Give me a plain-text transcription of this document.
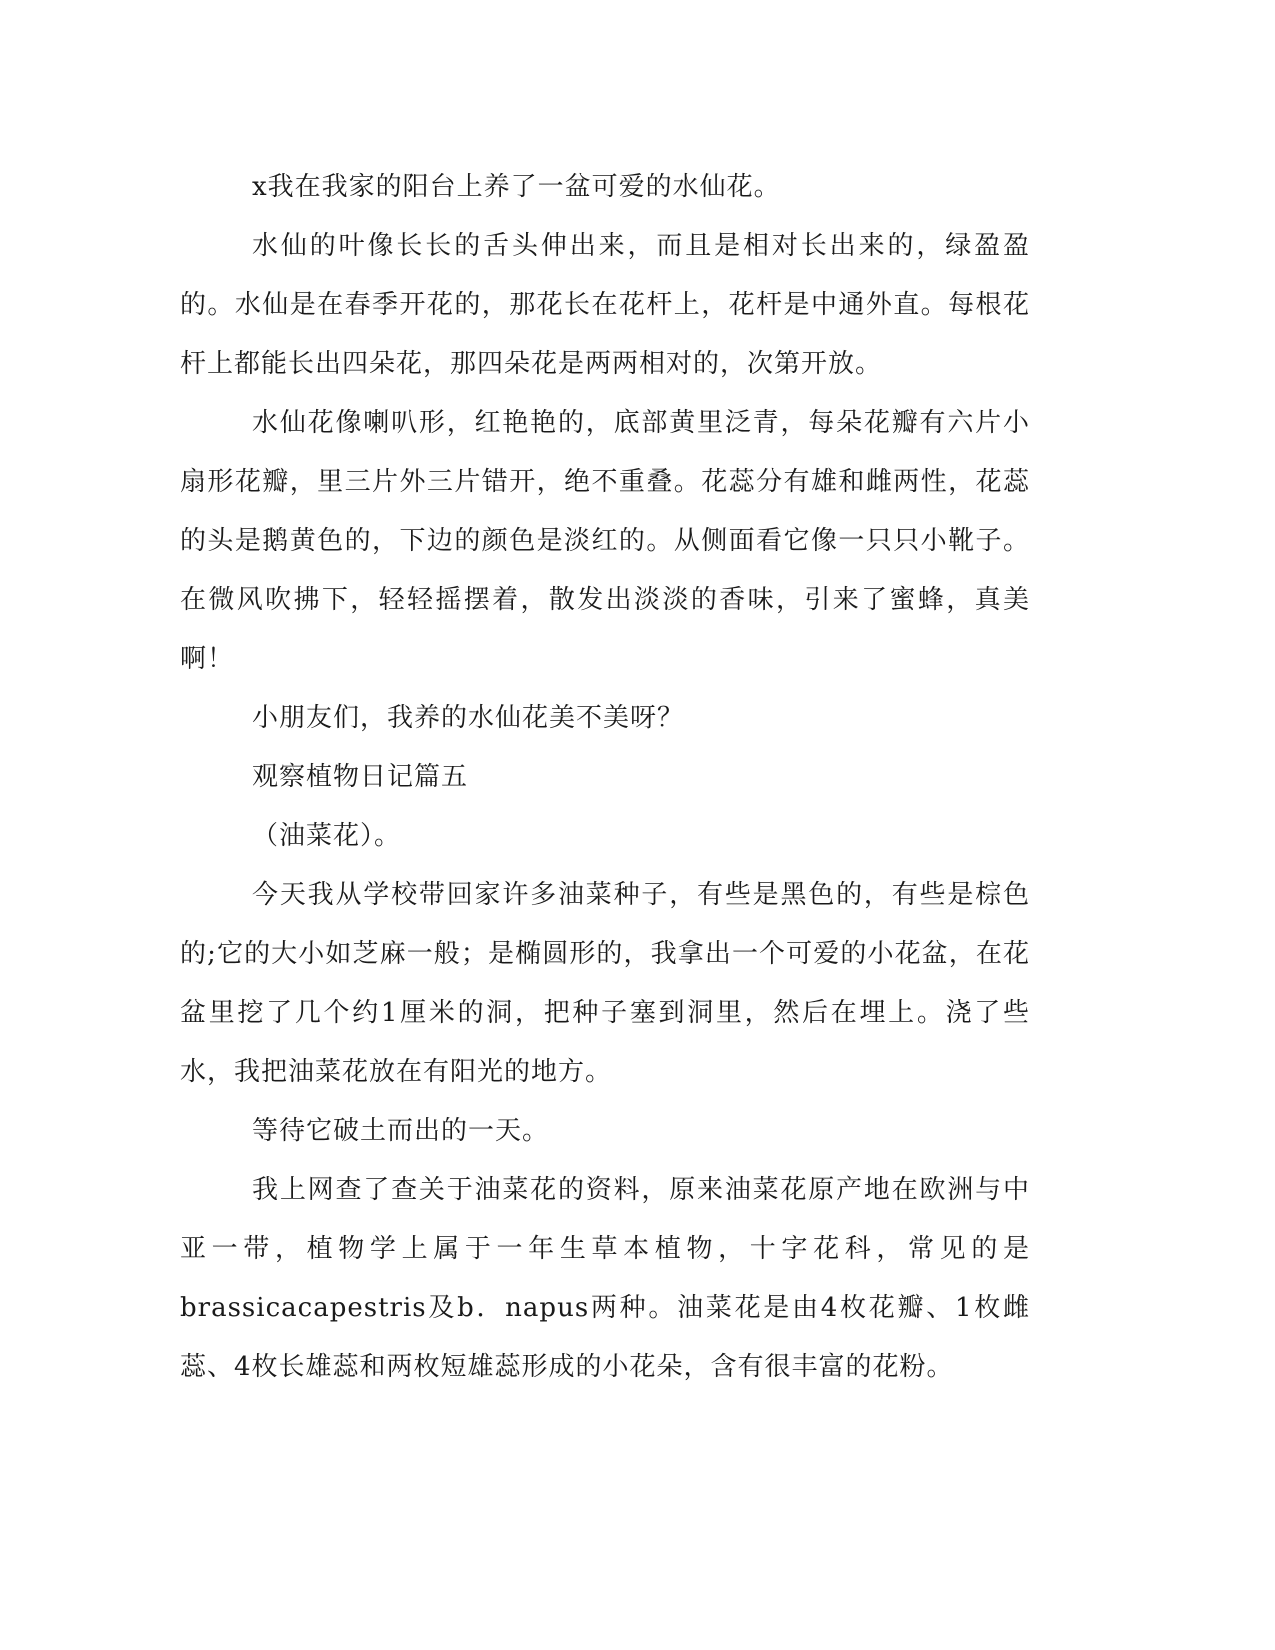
x我在我家的阳台上养了一盆可爱的水仙花。

水仙的叶像长长的舌头伸出来，而且是相对长出来的，绿盈盈的。水仙是在春季开花的，那花长在花杆上，花杆是中通外直。每根花杆上都能长出四朵花，那四朵花是两两相对的，次第开放。

水仙花像喇叭形，红艳艳的，底部黄里泛青，每朵花瓣有六片小扇形花瓣，里三片外三片错开，绝不重叠。花蕊分有雄和雌两性，花蕊的头是鹅黄色的，下边的颜色是淡红的。从侧面看它像一只只小靴子。在微风吹拂下，轻轻摇摆着，散发出淡淡的香味，引来了蜜蜂，真美啊！

小朋友们，我养的水仙花美不美呀？

观察植物日记篇五

（油菜花）。

今天我从学校带回家许多油菜种子，有些是黑色的，有些是棕色的;它的大小如芝麻一般；是椭圆形的，我拿出一个可爱的小花盆，在花盆里挖了几个约1厘米的洞，把种子塞到洞里，然后在埋上。浇了些水，我把油菜花放在有阳光的地方。

等待它破土而出的一天。

我上网查了查关于油菜花的资料，原来油菜花原产地在欧洲与中亚一带，植物学上属于一年生草本植物，十字花科，常见的是brassicacapestris及b．napus两种。油菜花是由4枚花瓣、1枚雌蕊、4枚长雄蕊和两枚短雄蕊形成的小花朵，含有很丰富的花粉。
